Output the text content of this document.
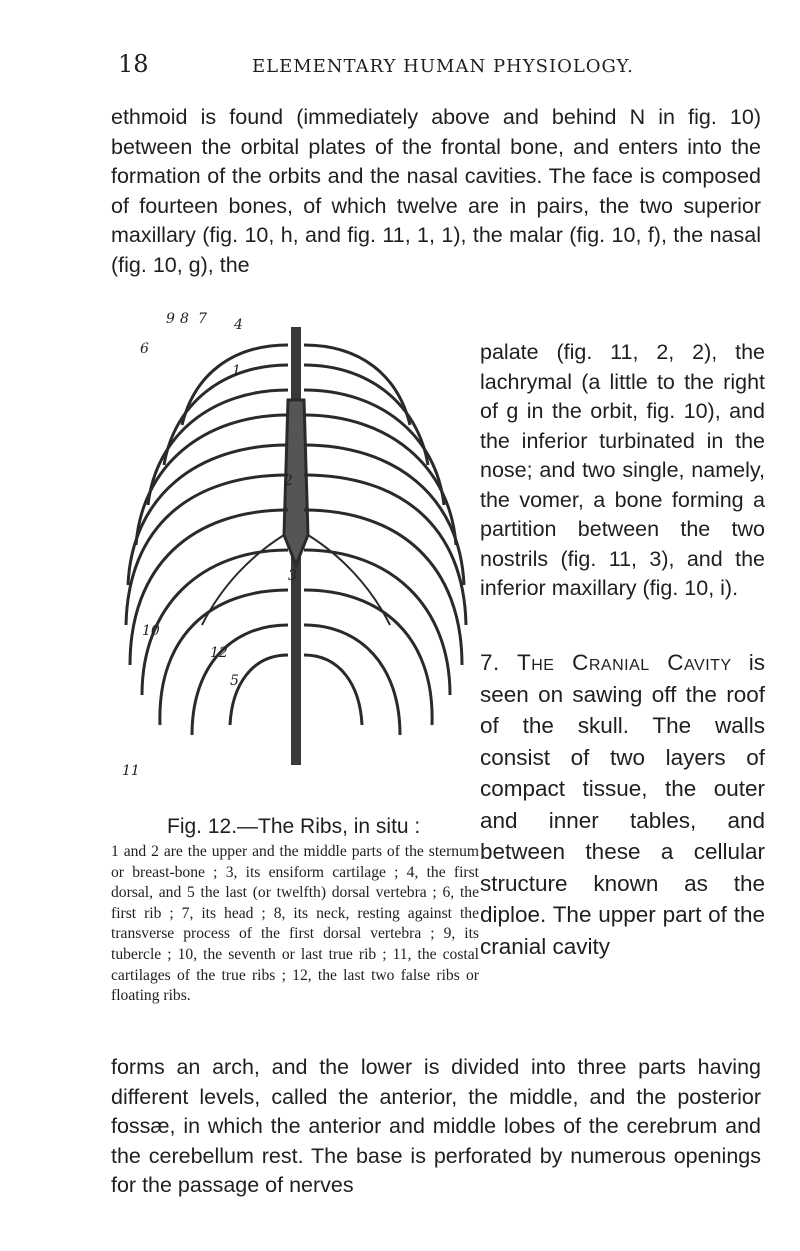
18	ELEMENTARY HUMAN PHYSIOLOGY.

ethmoid is found (immediately above and behind N in fig. 10) between the orbital plates of the frontal bone, and enters into the formation of the orbits and the nasal cavities. The face is composed of fourteen bones, of which twelve are in pairs, the two superior maxillary (fig. 10, h, and fig. 11, 1, 1), the malar (fig. 10, f), the nasal (fig. 10, g), the

9 8 7
6
4
1
2
3
10
12
5
11
Fig. 12.—The Ribs, in situ :

1 and 2 are the upper and the middle parts of the sternum or breast-bone ; 3, its ensiform cartilage ; 4, the first dorsal, and 5 the last (or twelfth) dorsal vertebra ; 6, the first rib ; 7, its head ; 8, its neck, resting against the transverse process of the first dorsal vertebra ; 9, its tubercle ; 10, the seventh or last true rib ; 11, the costal cartilages of the true ribs ; 12, the last two false ribs or floating ribs.

palate (fig. 11, 2, 2), the lachrymal (a little to the right of g in the orbit, fig. 10), and the inferior turbinated in the nose; and two single, namely, the vomer, a bone forming a partition between the two nostrils (fig. 11, 3), and the inferior maxillary (fig. 10, i).

7. The Cranial Cavity is seen on sawing off the roof of the skull. The walls consist of two layers of compact tissue, the outer and inner tables, and between these a cellular structure known as the diploe. The upper part of the cranial cavity

forms an arch, and the lower is divided into three parts having different levels, called the anterior, the middle, and the posterior fossæ, in which the anterior and middle lobes of the cerebrum and the cerebellum rest. The base is perforated by numerous openings for the passage of nerves
